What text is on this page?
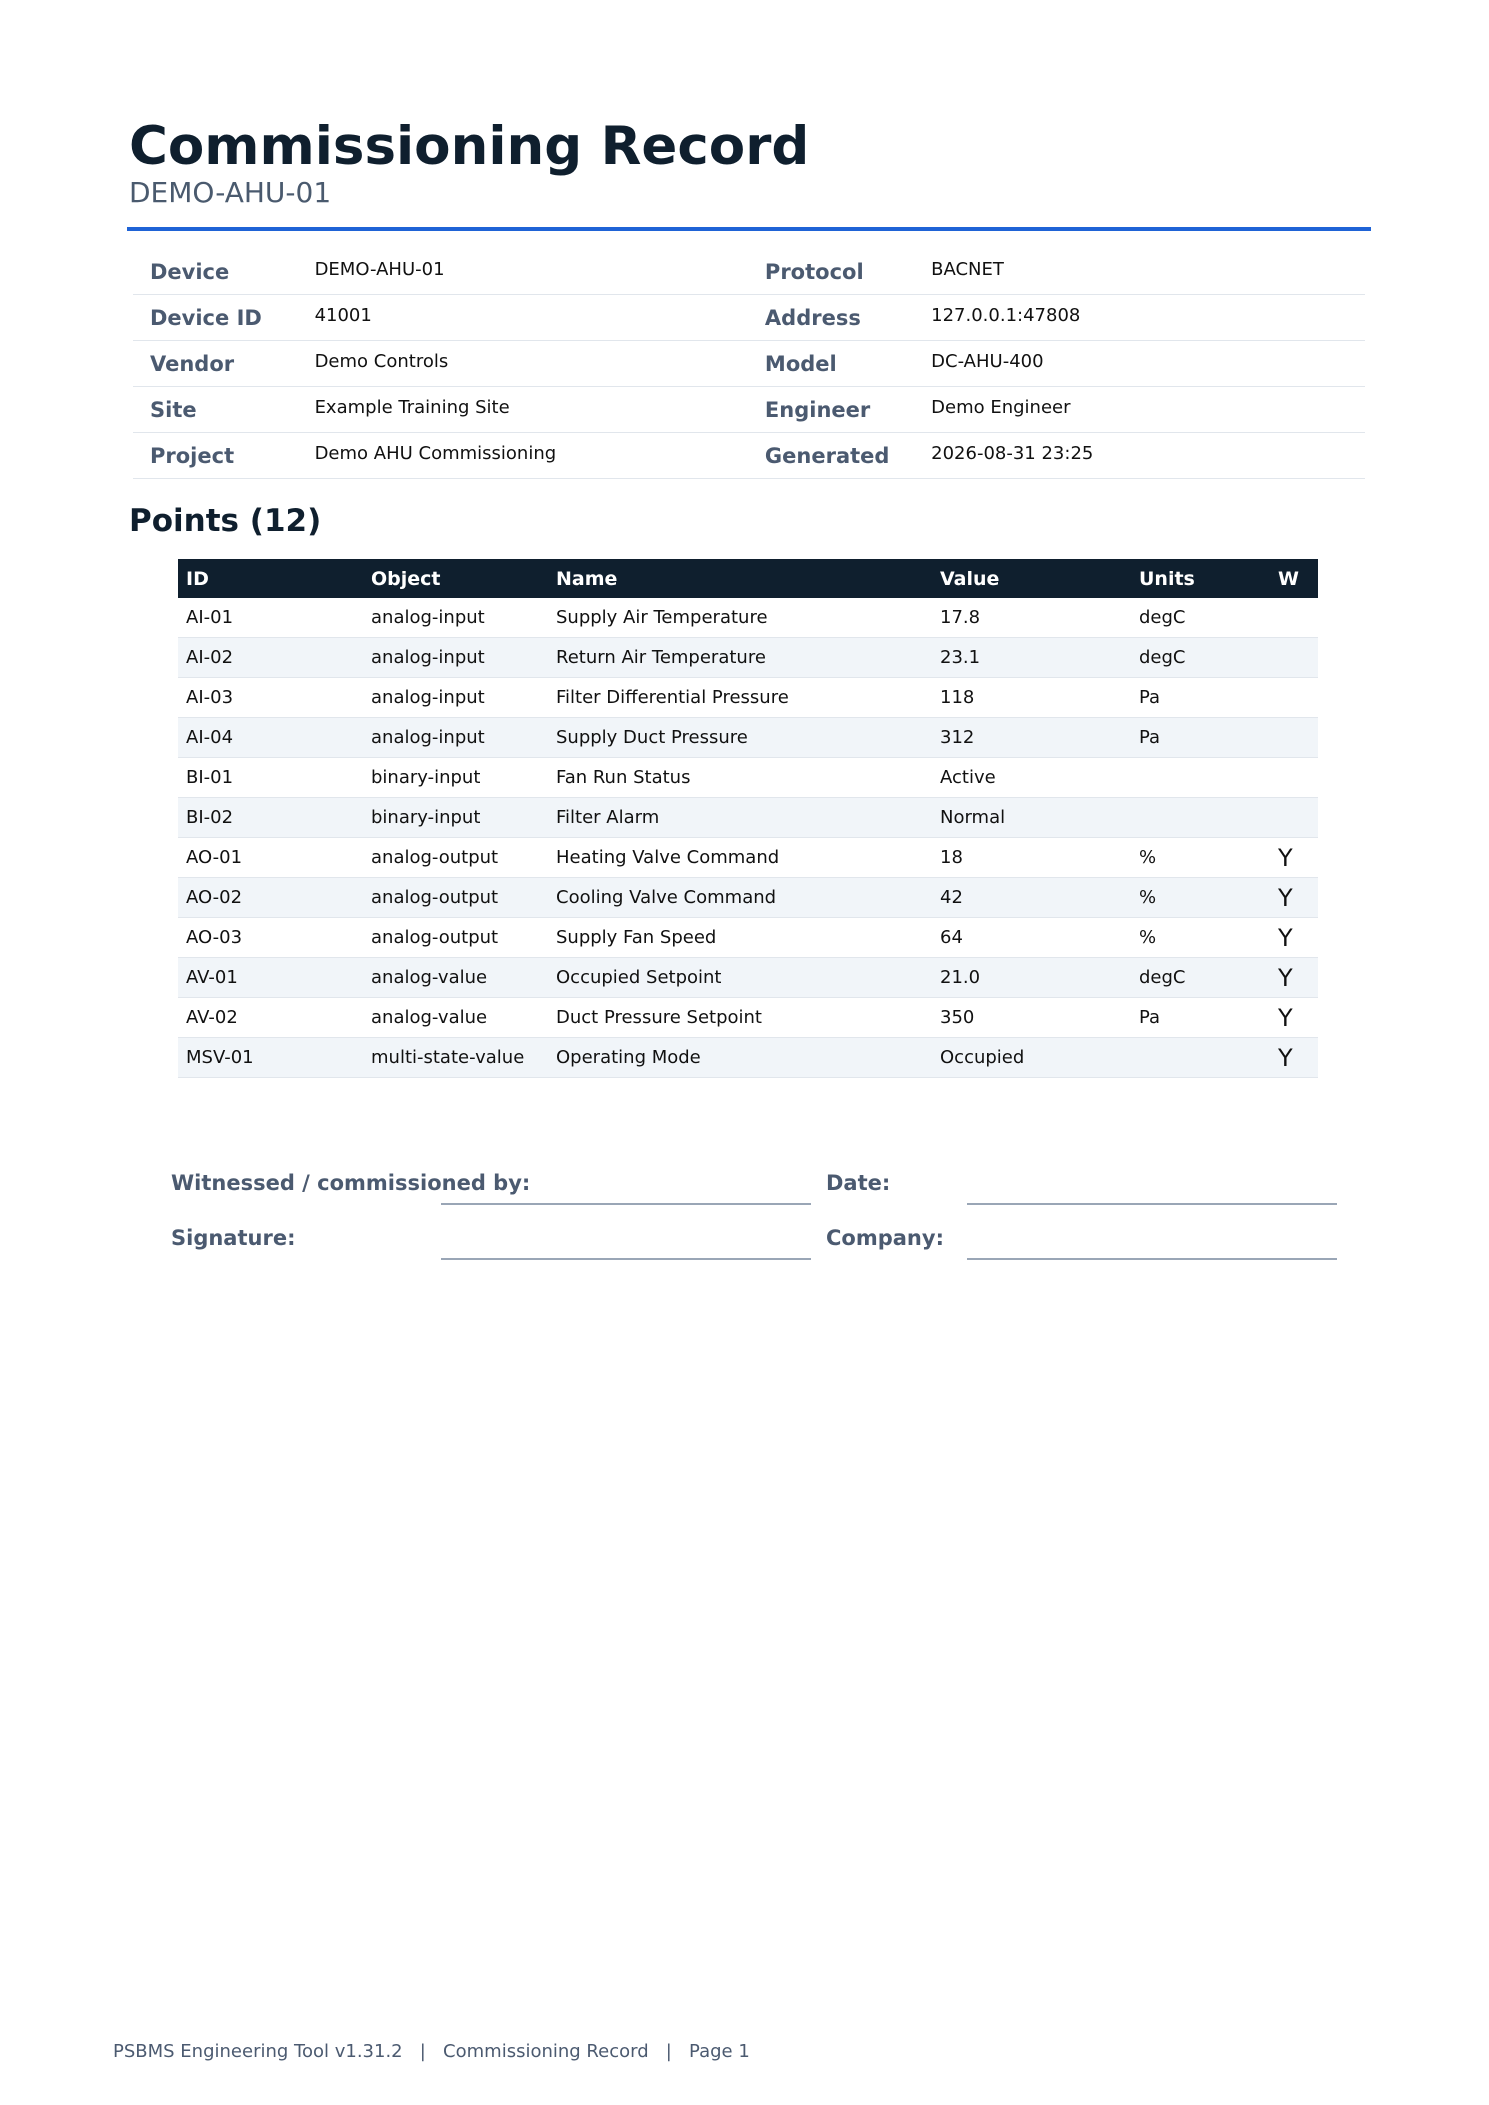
Commissioning Record
DEMO-AHU-01
Device	DEMO-AHU-01	Protocol	BACNET
Device ID	41001	Address	127.0.0.1:47808
Vendor	Demo Controls	Model	DC-AHU-400
Site	Example Training Site	Engineer	Demo Engineer
Project	Demo AHU Commissioning	Generated	2026-08-31 23:25
Points (12)
ID	Object	Name	Value	Units	W
AI-01	analog-input	Supply Air Temperature	17.8	degC	
AI-02	analog-input	Return Air Temperature	23.1	degC	
AI-03	analog-input	Filter Differential Pressure	118	Pa	
AI-04	analog-input	Supply Duct Pressure	312	Pa	
BI-01	binary-input	Fan Run Status	Active		
BI-02	binary-input	Filter Alarm	Normal		
AO-01	analog-output	Heating Valve Command	18	%	Y
AO-02	analog-output	Cooling Valve Command	42	%	Y
AO-03	analog-output	Supply Fan Speed	64	%	Y
AV-01	analog-value	Occupied Setpoint	21.0	degC	Y
AV-02	analog-value	Duct Pressure Setpoint	350	Pa	Y
MSV-01	multi-state-value	Operating Mode	Occupied		Y
Witnessed / commissioned by:	Date:
Signature:	Company:
PSBMS Engineering Tool v1.31.2 | Commissioning Record | Page 1
